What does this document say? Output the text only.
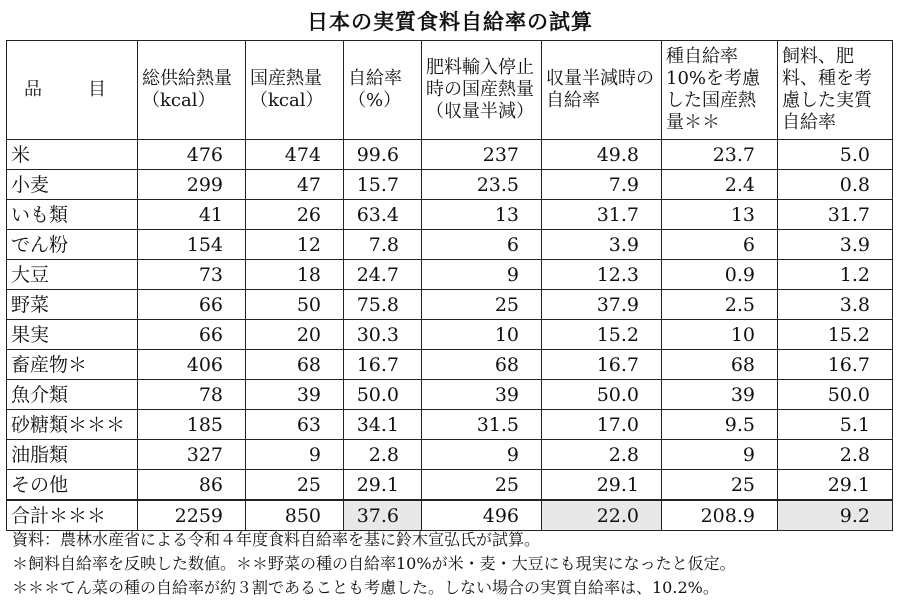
日本の実質食料自給率の試算
品　目	総供給熱量（kcal）	国産熱量（kcal）	自給率（%）	肥料輸入停止時の国産熱量（収量半減）	収量半減時の自給率	種自給率10%を考慮した国産熱量＊＊	飼料、肥料、種を考慮した実質自給率
米	476	474	99.6	237	49.8	23.7	5.0
小麦	299	47	15.7	23.5	7.9	2.4	0.8
いも類	41	26	63.4	13	31.7	13	31.7
でん粉	154	12	7.8	6	3.9	6	3.9
大豆	73	18	24.7	9	12.3	0.9	1.2
野菜	66	50	75.8	25	37.9	2.5	3.8
果実	66	20	30.3	10	15.2	10	15.2
畜産物＊	406	68	16.7	68	16.7	68	16.7
魚介類	78	39	50.0	39	50.0	39	50.0
砂糖類＊＊＊	185	63	34.1	31.5	17.0	9.5	5.1
油脂類	327	9	2.8	9	2.8	9	2.8
その他	86	25	29.1	25	29.1	25	29.1
合計＊＊＊	2259	850	37.6	496	22.0	208.9	9.2
資料：農林水産省による令和４年度食料自給率を基に鈴木宣弘氏が試算。
＊飼料自給率を反映した数値。＊＊野菜の種の自給率10%が米・麦・大豆にも現実になったと仮定。
＊＊＊てん菜の種の自給率が約３割であることも考慮した。しない場合の実質自給率は、10.2%。
